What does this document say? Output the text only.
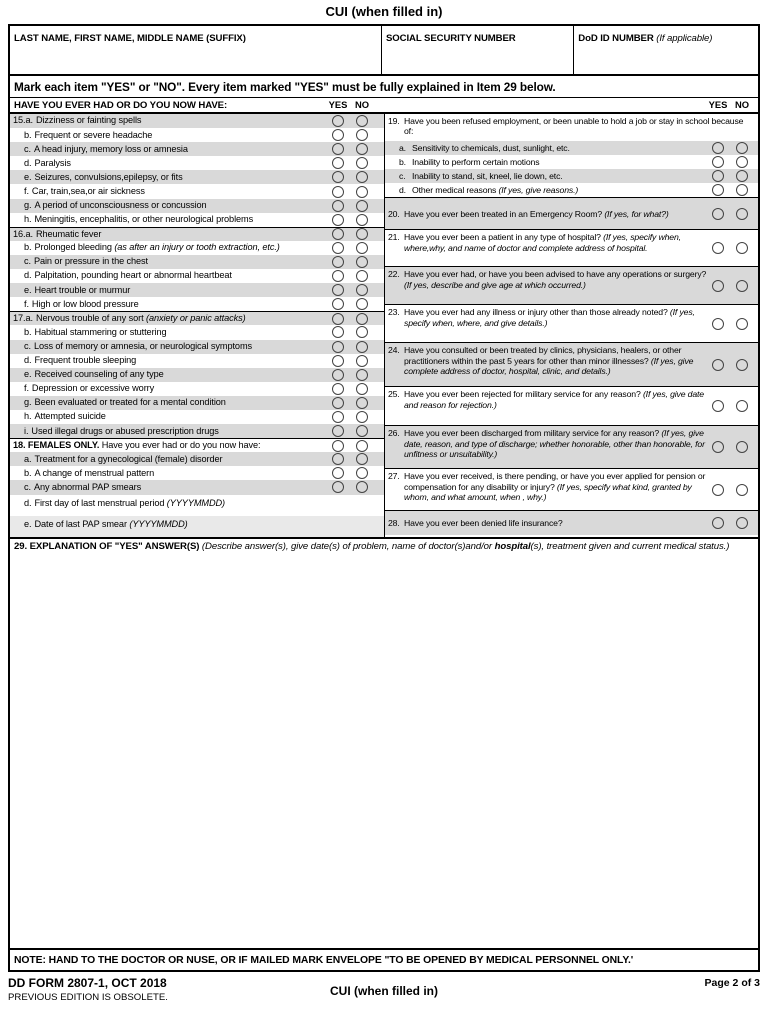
CUI (when filled in)
LAST NAME, FIRST NAME, MIDDLE NAME (SUFFIX)	SOCIAL SECURITY NUMBER	DoD ID NUMBER (If applicable)
Mark each item "YES" or "NO". Every item marked "YES" must be fully explained in Item 29 below.
HAVE YOU EVER HAD OR DO YOU NOW HAVE:	YES NO	YES NO
15.a. Dizziness or fainting spells
b. Frequent or severe headache
c. A head injury, memory loss or amnesia
d. Paralysis
e. Seizures, convulsions,epilepsy, or fits
f. Car, train,sea,or air sickness
g. A period of unconsciousness or concussion
h. Meningitis, encephalitis, or other neurological problems
16.a. Rheumatic fever
b. Prolonged bleeding (as after an injury or tooth extraction, etc.)
c. Pain or pressure in the chest
d. Palpitation, pounding heart or abnormal heartbeat
e. Heart trouble or murmur
f. High or low blood pressure
17.a. Nervous trouble of any sort (anxiety or panic attacks)
b. Habitual stammering or stuttering
c. Loss of memory or amnesia, or neurological symptoms
d. Frequent trouble sleeping
e. Received counseling of any type
f. Depression or excessive worry
g. Been evaluated or treated for a mental condition
h. Attempted suicide
i. Used illegal drugs or abused prescription drugs
18. FEMALES ONLY. Have you ever had or do you now have:
a. Treatment for a gynecological (female) disorder
b. A change of menstrual pattern
c. Any abnormal PAP smears
d. First day of last menstrual period (YYYYMMDD)
e. Date of last PAP smear (YYYYMMDD)
19. Have you been refused employment, or been unable to hold a job or stay in school because of:
a. Sensitivity to chemicals, dust, sunlight, etc.
b. Inability to perform certain motions
c. Inability to stand, sit, kneel, lie down, etc.
d. Other medical reasons (If yes, give reasons.)
20. Have you ever been treated in an Emergency Room? (If yes, for what?)
21. Have you ever been a patient in any type of hospital? (If yes, specify when, where,why, and name of doctor and complete address of hospital.
22. Have you ever had, or have you been advised to have any operations or surgery? (If yes, describe and give age at which occurred.)
23. Have you ever had any illness or injury other than those already noted? (If yes, specify when, where, and give details.)
24. Have you consulted or been treated by clinics, physicians, healers, or other practitioners within the past 5 years for other than minor illnesses? (If yes, give complete address of doctor, hospital, clinic, and details.)
25. Have you ever been rejected for military service for any reason? (If yes, give date and reason for rejection.)
26. Have you ever been discharged from military service for any reason? (If yes, give date, reason, and type of discharge; whether honorable, other than honorable, for unfitness or unsuitability.)
27. Have you ever received, is there pending, or have you ever applied for pension or compensation for any disability or injury? (If yes, specify what kind, granted by whom, and what amount, when , why.)
28. Have you ever been denied life insurance?
29. EXPLANATION OF "YES" ANSWER(S) (Describe answer(s), give date(s) of problem, name of doctor(s)and/or hospital(s), treatment given and current medical status.)
NOTE: HAND TO THE DOCTOR OR NUSE, OR IF MAILED MARK ENVELOPE "TO BE OPENED BY MEDICAL PERSONNEL ONLY.'
DD FORM 2807-1, OCT 2018
PREVIOUS EDITION IS OBSOLETE.	CUI (when filled in)
Page 2 of 3
